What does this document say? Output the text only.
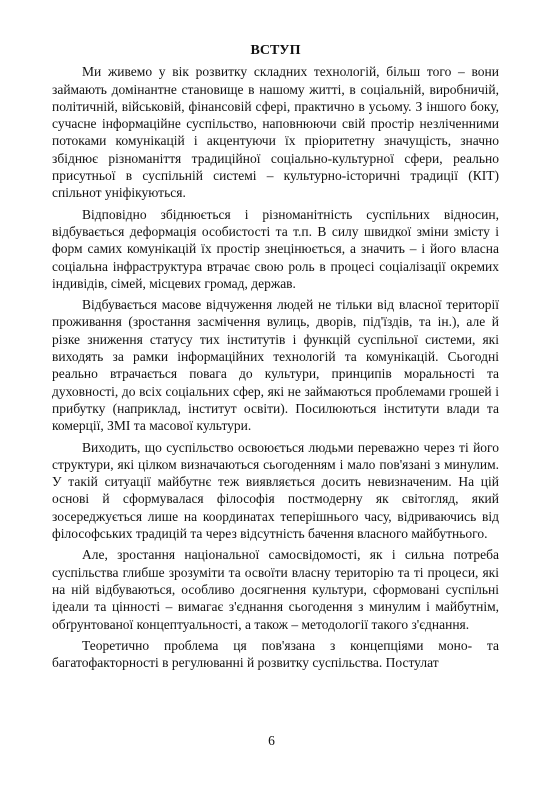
ВСТУП

Ми живемо у вік розвитку складних технологій, більш того – вони займають домінантне становище в нашому житті, в соціальній, виробничій, політичній, військовій, фінансовій сфері, практично в усьому. З іншого боку, сучасне інформаційне суспільство, наповнюючи свій простір незліченними потоками комунікацій і акцентуючи їх пріоритетну значущість, значно збіднює різноманіття традиційної соціально-культурної сфери, реально присутньої в суспільній системі – культурно-історичні традиції (КІТ) спільнот уніфікуються.

Відповідно збіднюється і різноманітність суспільних відносин, відбувається деформація особистості та т.п. В силу швидкої зміни змісту і форм самих комунікацій їх простір знецінюється, а значить – і його власна соціальна інфраструктура втрачає свою роль в процесі соціалізації окремих індивідів, сімей, місцевих громад, держав.

Відбувається масове відчуження людей не тільки від власної території проживання (зростання засмічення вулиць, дворів, під'їздів, та ін.), але й різке зниження статусу тих інститутів і функцій суспільної системи, які виходять за рамки інформаційних технологій та комунікацій. Сьогодні реально втрачається повага до культури, принципів моральності та духовності, до всіх соціальних сфер, які не займаються проблемами грошей і прибутку (наприклад, інститут освіти). Посилюються інститути влади та комерції, ЗМІ та масової культури.

Виходить, що суспільство освоюється людьми переважно через ті його структури, які цілком визначаються сьогоденням і мало пов'язані з минулим. У такій ситуації майбутнє теж виявляється досить невизначеним. На цій основі й сформувалася філософія постмодерну як світогляд, який зосереджується лише на координатах теперішнього часу, відриваючись від філософських традицій та через відсутність бачення власного майбутнього.

Але, зростання національної самосвідомості, як і сильна потреба суспільства глибше зрозуміти та освоїти власну територію та ті процеси, які на ній відбуваються, особливо досягнення культури, сформовані суспільні ідеали та цінності – вимагає з'єднання сьогодення з минулим і майбутнім, обґрунтованої концептуальності, а також – методології такого з'єднання.

Теоретично проблема ця пов'язана з концепціями моно- та багатофакторності в регулюванні й розвитку суспільства. Постулат

6
